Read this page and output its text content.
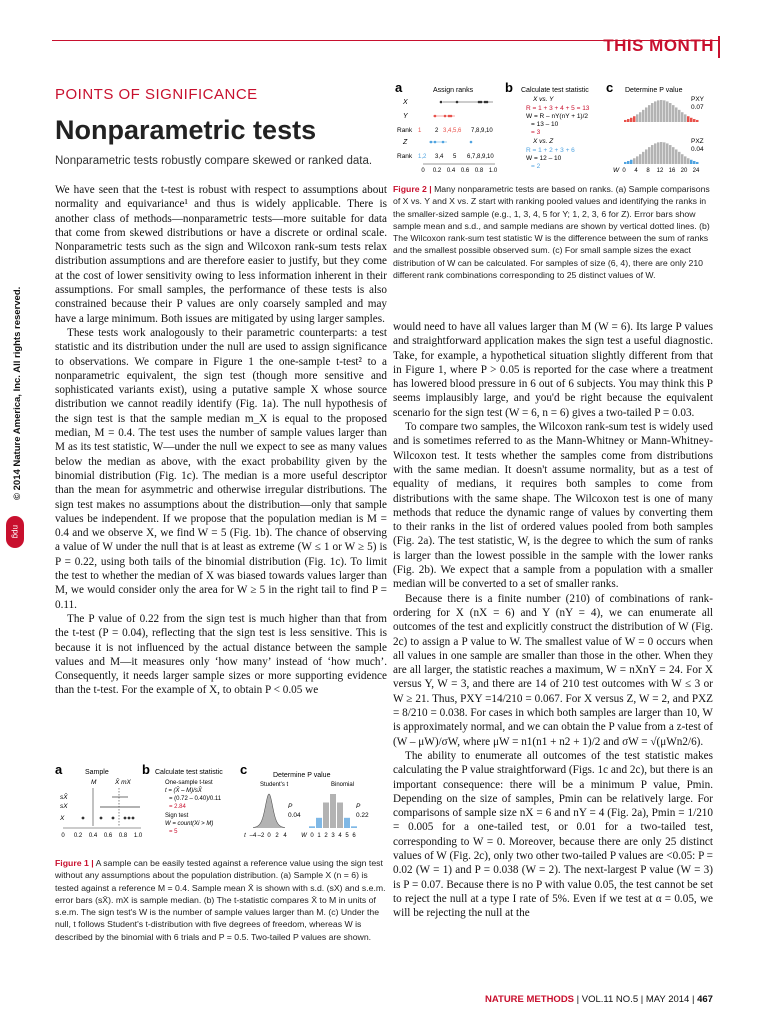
THIS MONTH
© 2014 Nature America, Inc. All rights reserved.
npg
POINTS OF SIGNIFICANCE
Nonparametric tests
Nonparametric tests robustly compare skewed or ranked data.

We have seen that the t-test is robust with respect to assumptions about normality and equivariance¹ and thus is widely applicable. There is another class of methods—nonparametric tests—more suitable for data that come from skewed distributions or have a discrete or ordinal scale. Nonparametric tests such as the sign and Wilcoxon rank-sum tests relax distribution assumptions and are therefore easier to justify, but they come at the cost of lower sensitivity owing to less information inherent in their assumptions. For small samples, the performance of these tests is also constrained because their P values are only coarsely sampled and may have a large minimum. Both issues are mitigated by using larger samples.

These tests work analogously to their parametric counterparts: a test statistic and its distribution under the null are used to assign significance to observations. We compare in Figure 1 the one-sample t-test² to a nonparametric equivalent, the sign test (though more sensitive and sophisticated variants exist), using a putative sample X whose source distribution we cannot readily identify (Fig. 1a). The null hypothesis of the sign test is that the sample median m_X is equal to the proposed median, M = 0.4. The test uses the number of sample values larger than M as its test statistic, W—under the null we expect to see as many values below the median as above, with the exact probability given by the binomial distribution (Fig. 1c). The median is a more useful descriptor than the mean for asymmetric and otherwise irregular distributions. The sign test makes no assumptions about the distribution—only that sample values be independent. If we propose that the population median is M = 0.4 and we observe X, we find W = 5 (Fig. 1b). The chance of observing a value of W under the null that is at least as extreme (W ≤ 1 or W ≥ 5) is P = 0.22, using both tails of the binomial distribution (Fig. 1c). To limit the test to whether the median of X was biased towards values larger than M, we would consider only the area for W ≥ 5 in the right tail to find P = 0.11.

The P value of 0.22 from the sign test is much higher than that from the t-test (P = 0.04), reflecting that the sign test is less sensitive. This is because it is not influenced by the actual distance between the sample values and M—it measures only ‘how many’ instead of ‘how much’. Consequently, it needs larger sample sizes or more supporting evidence than the t-test. For the example of X, to obtain P < 0.05 we

a	Assign ranks
X
Y
Rank
Z
Rank
1 2 3,4,5,6 7,8,9,10
1,2 3,4 5 6,7,8,9,10
0 0.2 0.4 0.6 0.8 1.0
b Calculate test statistic
X vs. Y
R = 1 + 3 + 4 + 5 = 13
W = R – nY(nY + 1)/2
= 13 – 10
= 3
X vs. Z
R = 1 + 2 + 3 + 6
W = 12 – 10
= 2
c Determine P value
PXY
0.07
PXZ
0.04
W 0 4 8 12 16 20 24
Figure 2 | Many nonparametric tests are based on ranks. (a) Sample comparisons of X vs. Y and X vs. Z start with ranking pooled values and identifying the ranks in the smaller-sized sample (e.g., 1, 3, 4, 5 for Y; 1, 2, 3, 6 for Z). Error bars show sample mean and s.d., and sample medians are shown by vertical dotted lines. (b) The Wilcoxon rank-sum test statistic W is the difference between the sum of ranks and the smallest possible observed sum. (c) For small sample sizes the exact distribution of W can be calculated. For samples of size (6, 4), there are only 210 different rank combinations corresponding to 25 distinct values of W.

would need to have all values larger than M (W = 6). Its large P values and straightforward application makes the sign test a useful diagnostic. Take, for example, a hypothetical situation slightly different from that in Figure 1, where P > 0.05 is reported for the case where a treatment has lowered blood pressure in 6 out of 6 subjects. You may think this P seems implausibly large, and you'd be right because the equivalent scenario for the sign test (W = 6, n = 6) gives a two-tailed P = 0.03.

To compare two samples, the Wilcoxon rank-sum test is widely used and is sometimes referred to as the Mann-Whitney or Mann-Whitney-Wilcoxon test. It tests whether the samples come from distributions with the same median. It doesn't assume normality, but as a test of equality of medians, it requires both samples to come from distributions with the same shape. The Wilcoxon test is one of many methods that reduce the dynamic range of values by converting them to their ranks in the list of ordered values pooled from both samples (Fig. 2a). The test statistic, W, is the degree to which the sum of ranks is larger than the lowest possible in the sample with the lower ranks (Fig. 2b). We expect that a sample from a population with a smaller median will be converted to a set of smaller ranks.

Because there is a finite number (210) of combinations of rank-ordering for X (nX = 6) and Y (nY = 4), we can enumerate all outcomes of the test and explicitly construct the distribution of W (Fig. 2c) to assign a P value to W. The smallest value of W = 0 occurs when all values in one sample are smaller than those in the other. When they are all larger, the statistic reaches a maximum, W = nXnY = 24. For X versus Y, W = 3, and there are 14 of 210 test outcomes with W ≤ 3 or W ≥ 21. Thus, PXY =14/210 = 0.067. For X versus Z, W = 2, and PXZ = 8/210 = 0.038. For cases in which both samples are larger than 10, W is approximately normal, and we can obtain the P value from a z-test of (W – μW)/σW, where μW = n1(n1 + n2 + 1)/2 and σW = √(μWn2/6).

The ability to enumerate all outcomes of the test statistic makes calculating the P value straightforward (Figs. 1c and 2c), but there is an important consequence: there will be a minimum P value, Pmin. Depending on the size of samples, Pmin can be relatively large. For comparisons of sample size nX = 6 and nY = 4 (Fig. 2a), Pmin = 1/210 = 0.005 for a one-tailed test, or 0.01 for a two-tailed test, corresponding to W = 0. Moreover, because there are only 25 distinct values of W (Fig. 2c), only two other two-tailed P values are <0.05: P = 0.02 (W = 1) and P = 0.038 (W = 2). The next-largest P value (W = 3) is P = 0.07. Because there is no P with value 0.05, the test cannot be set to reject the null at a type I rate of 5%. Even if we test at α = 0.05, we will be rejecting the null at the

a	Sample
M	X̄ mX
sX̄
sX
X
0 0.2 0.4 0.6 0.8 1.0
b Calculate test statistic
One-sample t-test
t = (X̄ – M)/sX̄
= (0.72 – 0.40)/0.11
= 2.84
Sign test
W = count(Xi > M)
= 5
c	Determine P value
Student's t	Binomial
P
0.04
P
0.22
t –4 –2 0 2 4 W 0 1 2 3 4 5 6
Figure 1 | A sample can be easily tested against a reference value using the sign test without any assumptions about the population distribution. (a) Sample X (n = 6) is tested against a reference M = 0.4. Sample mean X̄ is shown with s.d. (sX) and s.e.m. error bars (sX̄). mX is sample median. (b) The t-statistic compares X̄ to M in units of s.e.m. The sign test's W is the number of sample values larger than M. (c) Under the null, t follows Student's t-distribution with five degrees of freedom, whereas W is described by the binomial with 6 trials and P = 0.5. Two-tailed P values are shown.
NATURE METHODS | VOL.11 NO.5 | MAY 2014 | 467
